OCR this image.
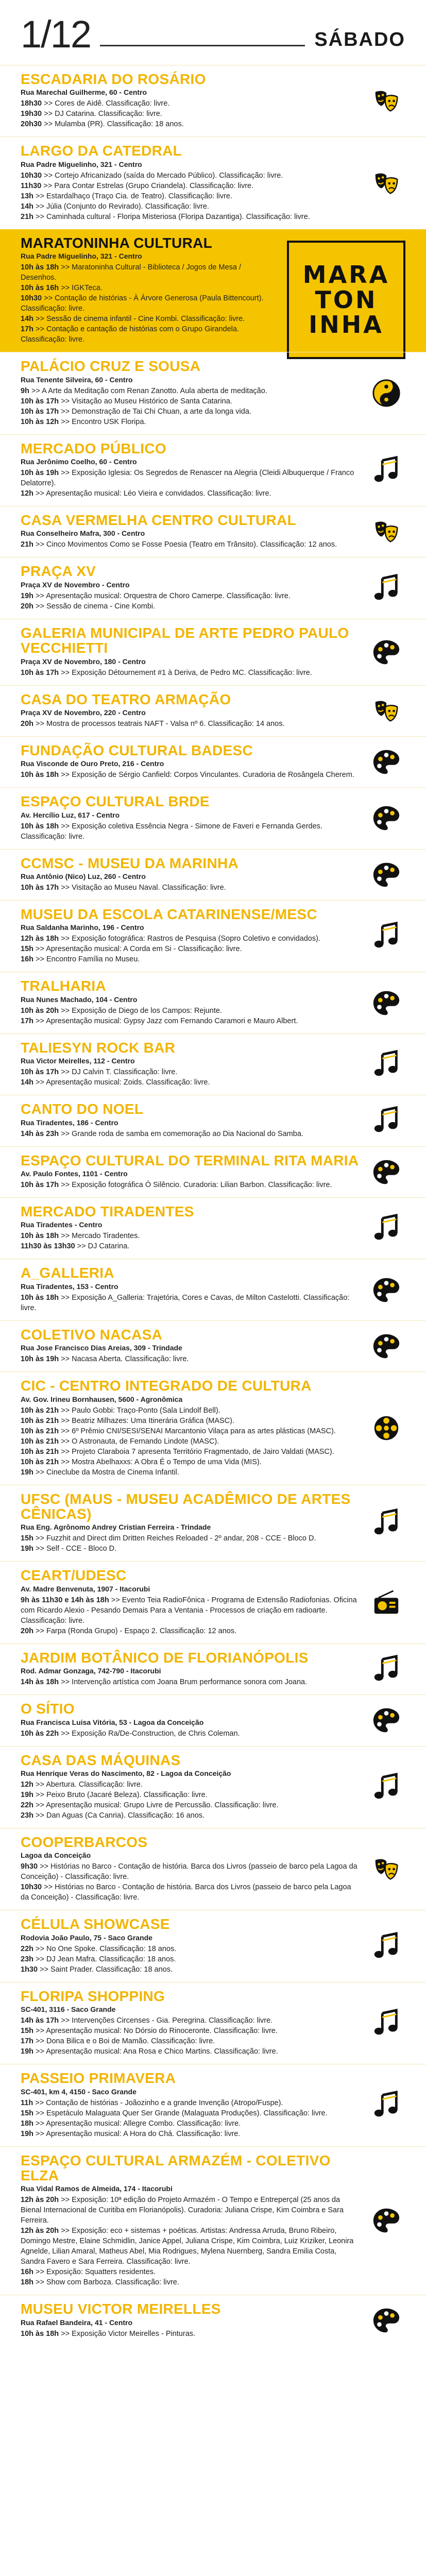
1/12	SÁBADO
ESCADARIA DO ROSÁRIO
Rua Marechal Guilherme, 60 - Centro
18h30 >> Cores de Aidê. Classificação: livre.
19h30 >> DJ Catarina. Classificação: livre.
20h30 >> Mulamba (PR). Classificação: 18 anos.
LARGO DA CATEDRAL
Rua Padre Miguelinho, 321 - Centro
10h30 >> Cortejo Africanizado (saída do Mercado Público). Classificação: livre.
11h30 >> Para Contar Estrelas (Grupo Criandela). Classificação: livre.
13h >> Estardalhaço (Traço Cia. de Teatro). Classificação: livre.
14h >> Júlia (Conjunto do Revirado). Classificação: livre.
21h >> Caminhada cultural - Floripa Misteriosa (Floripa Dazantiga). Classificação: livre.
MARATONINHA CULTURAL
Rua Padre Miguelinho, 321 - Centro
10h às 18h >> Maratoninha Cultural - Biblioteca / Jogos de Mesa / Desenhos.
10h às 16h >> IGKTeca.
10h30 >> Contação de histórias - À Árvore Generosa (Paula Bittencourt). Classificação: livre.
14h >> Sessão de cinema infantil - Cine Kombi. Classificação: livre.
17h >> Contação e cantação de histórias com o Grupo Girandela. Classificação: livre.
MARA
TON
INHA
PALÁCIO CRUZ E SOUSA
Rua Tenente Silveira, 60 - Centro
9h >> A Arte da Meditação com Renan Zanotto. Aula aberta de meditação.
10h às 17h >> Visitação ao Museu Histórico de Santa Catarina.
10h às 17h >> Demonstração de Tai Chi Chuan, a arte da longa vida.
10h às 12h >> Encontro USK Floripa.
MERCADO PÚBLICO
Rua Jerônimo Coelho, 60 - Centro
10h às 19h >> Exposição Iglesia: Os Segredos de Renascer na Alegria (Cleidi Albuquerque / Franco Delatorre).
12h >> Apresentação musical: Léo Vieira e convidados. Classificação: livre.
CASA VERMELHA CENTRO CULTURAL
Rua Conselheiro Mafra, 300 - Centro
21h >> Cinco Movimentos Como se Fosse Poesia (Teatro em Trânsito). Classificação: 12 anos.
PRAÇA XV
Praça XV de Novembro - Centro
19h >> Apresentação musical: Orquestra de Choro Camerpe. Classificação: livre.
20h >> Sessão de cinema - Cine Kombi.
GALERIA MUNICIPAL DE ARTE PEDRO PAULO VECCHIETTI
Praça XV de Novembro, 180 - Centro
10h às 17h >> Exposição Détournement #1 à Deriva, de Pedro MC. Classificação: livre.
CASA DO TEATRO ARMAÇÃO
Praça XV de Novembro, 220 - Centro
20h >> Mostra de processos teatrais NAFT - Valsa nº 6. Classificação: 14 anos.
FUNDAÇÃO CULTURAL BADESC
Rua Visconde de Ouro Preto, 216 - Centro
10h às 18h >> Exposição de Sérgio Canfield: Corpos Vinculantes. Curadoria de Rosângela Cherem.
ESPAÇO CULTURAL BRDE
Av. Hercílio Luz, 617 - Centro
10h às 18h >> Exposição coletiva Essência Negra - Simone de Faveri e Fernanda Gerdes. Classificação: livre.
CCMSC - MUSEU DA MARINHA
Rua Antônio (Nico) Luz, 260 - Centro
10h às 17h >> Visitação ao Museu Naval. Classificação: livre.
MUSEU DA ESCOLA CATARINENSE/MESC
Rua Saldanha Marinho, 196 - Centro
12h às 18h >> Exposição fotográfica: Rastros de Pesquisa (Sopro Coletivo e convidados).
15h >> Apresentação musical: A Corda em Si - Classificação: livre.
16h >> Encontro Família no Museu.
TRALHARIA
Rua Nunes Machado, 104 - Centro
10h às 20h >> Exposição de Diego de los Campos: Rejunte.
17h >> Apresentação musical: Gypsy Jazz com Fernando Caramori e Mauro Albert.
TALIESYN ROCK BAR
Rua Victor Meirelles, 112 - Centro
10h às 17h >> DJ Calvin T. Classificação: livre.
14h >> Apresentação musical: Zoids. Classificação: livre.
CANTO DO NOEL
Rua Tiradentes, 186 - Centro
14h às 23h >> Grande roda de samba em comemoração ao Dia Nacional do Samba.
ESPAÇO CULTURAL DO TERMINAL RITA MARIA
Av. Paulo Fontes, 1101 - Centro
10h às 17h >> Exposição fotográfica Ó Silêncio. Curadoria: Lilian Barbon. Classificação: livre.
MERCADO TIRADENTES
Rua Tiradentes - Centro
10h às 18h >> Mercado Tiradentes.
11h30 às 13h30 >> DJ Catarina.
A_GALLERIA
Rua Tiradentes, 153 - Centro
10h às 18h >> Exposição A_Galleria: Trajetória, Cores e Cavas, de Milton Castelotti. Classificação: livre.
COLETIVO NACASA
Rua Jose Francisco Dias Areias, 309 - Trindade
10h às 19h >> Nacasa Aberta. Classificação: livre.
CIC - CENTRO INTEGRADO DE CULTURA
Av. Gov. Irineu Bornhausen, 5600 - Agronômica
10h às 21h >> Paulo Gobbi: Traço-Ponto (Sala Lindolf Bell).
10h às 21h >> Beatriz Milhazes: Uma Itinerária Gráfica (MASC).
10h às 21h >> 6º Prêmio CNI/SESI/SENAI Marcantonio Vilaça para as artes plásticas (MASC).
10h às 21h >> O Astronauta, de Fernando Lindote (MASC).
10h às 21h >> Projeto Claraboia 7 apresenta Território Fragmentado, de Jairo Valdati (MASC).
10h às 21h >> Mostra Abelhaxxs: A Obra É o Tempo de uma Vida (MIS).
19h >> Cineclube da Mostra de Cinema Infantil.
UFSC (MAUS - MUSEU ACADÊMICO DE ARTES CÊNICAS)
Rua Eng. Agrônomo Andrey Cristian Ferreira - Trindade
15h >> Fuzzhit and Direct dim Dritten Reiches Reloaded - 2º andar, 208 - CCE - Bloco D.
19h >> Self - CCE - Bloco D.
CEART/UDESC
Av. Madre Benvenuta, 1907 - Itacorubi
9h às 11h30 e 14h às 18h >> Evento Teia RadioFônica - Programa de Extensão Radiofonias. Oficina com Ricardo Alexio - Pesando Demais Para a Ventania - Processos de criação em radioarte. Classificação: livre.
20h >> Farpa (Ronda Grupo) - Espaço 2. Classificação: 12 anos.
JARDIM BOTÂNICO DE FLORIANÓPOLIS
Rod. Admar Gonzaga, 742-790 - Itacorubi
14h às 18h >> Intervenção artística com Joana Brum performance sonora com Joana.
O SÍTIO
Rua Francisca Luisa Vitória, 53 - Lagoa da Conceição
10h às 22h >> Exposição Ra/De-Construction, de Chris Coleman.
CASA DAS MÁQUINAS
Rua Henrique Veras do Nascimento, 82 - Lagoa da Conceição
12h >> Abertura. Classificação: livre.
19h >> Peixo Bruto (Jacaré Beleza). Classificação: livre.
22h >> Apresentação musical: Grupo Livre de Percussão. Classificação: livre.
23h >> Dan Aguas (Ca Canria). Classificação: 16 anos.
COOPERBARCOS
Lagoa da Conceição
9h30 >> Histórias no Barco - Contação de história. Barca dos Livros (passeio de barco pela Lagoa da Conceição) - Classificação: livre.
10h30 >> Histórias no Barco - Contação de história. Barca dos Livros (passeio de barco pela Lagoa da Conceição) - Classificação: livre.
CÉLULA SHOWCASE
Rodovia João Paulo, 75 - Saco Grande
22h >> No One Spoke. Classificação: 18 anos.
23h >> DJ Jean Mafra. Classificação: 18 anos.
1h30 >> Saint Prader. Classificação: 18 anos.
FLORIPA SHOPPING
SC-401, 3116 - Saco Grande
14h às 17h >> Intervenções Circenses - Gia. Peregrina. Classificação: livre.
15h >> Apresentação musical: No Dórsio do Rinoceronte. Classificação: livre.
17h >> Dona Bilica e o Boi de Mamão. Classificação: livre.
19h >> Apresentação musical: Ana Rosa e Chico Martins. Classificação: livre.
PASSEIO PRIMAVERA
SC-401, km 4, 4150 - Saco Grande
11h >> Contação de histórias - Joãozinho e a grande Invenção (Atropo/Fuspe).
15h >> Espetáculo Malaguata Quer Ser Grande (Malaguata Produções). Classificação: livre.
18h >> Apresentação musical: Allegre Combo. Classificação: livre.
19h >> Apresentação musical: A Hora do Chá. Classificação: livre.
ESPAÇO CULTURAL ARMAZÉM - COLETIVO ELZA
Rua Vidal Ramos de Almeida, 174 - Itacorubi
12h às 20h >> Exposição: 10ª edição do Projeto Armazém - O Tempo e Entreperçal (25 anos da Bienal Internacional de Curitiba em Florianópolis). Curadoria: Juliana Crispe, Kim Coimbra e Sara Ferreira.
12h às 20h >> Exposição: eco + sistemas + poéticas. Artistas: Andressa Arruda, Bruno Ribeiro, Domingo Mestre, Elaine Schmidlin, Janice Appel, Juliana Crispe, Kim Coimbra, Luiz Kriziker, Leonira Agnelde, Lilian Amaral, Matheus Abel, Mia Rodrigues, Mylena Nuernberg, Sandra Emilia Costa, Sandra Favero e Sara Ferreira. Classificação: livre.
16h >> Exposição: Squatters residentes.
18h >> Show com Barboza. Classificação: livre.
MUSEU VICTOR MEIRELLES
Rua Rafael Bandeira, 41 - Centro
10h às 18h >> Exposição Victor Meirelles - Pinturas.
